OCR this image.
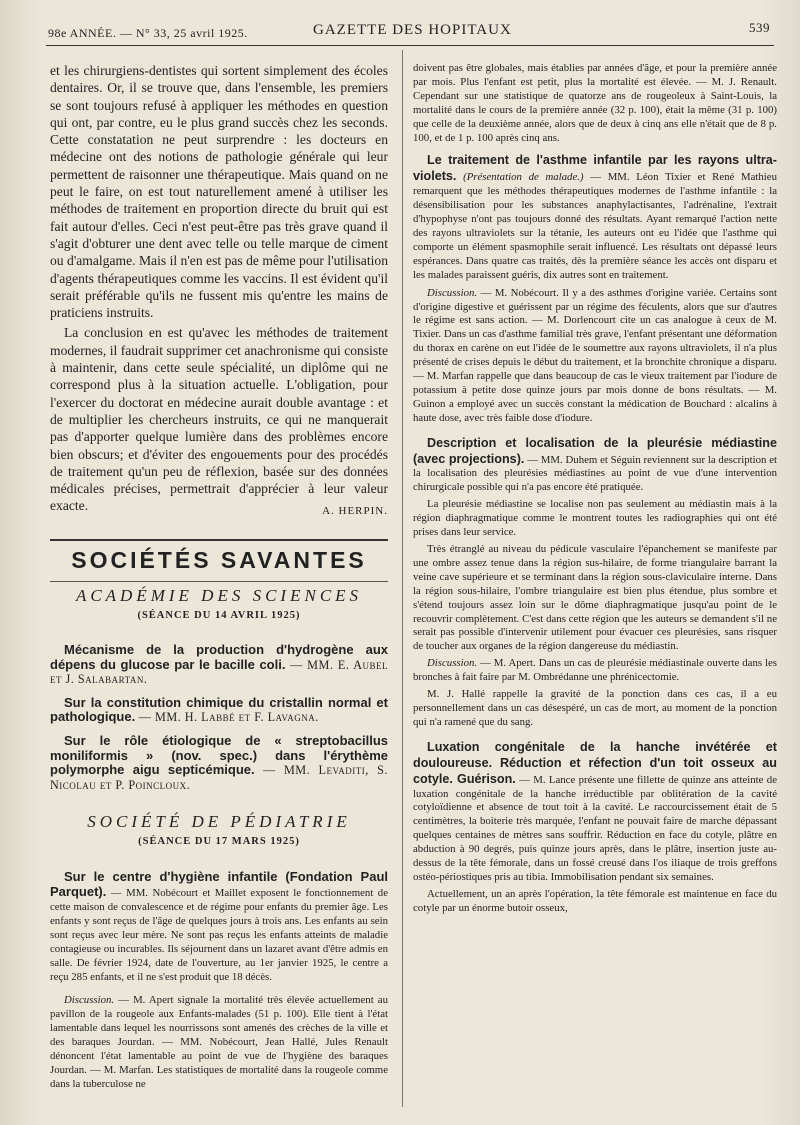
98e ANNÉE. — N° 33, 25 avril 1925.	GAZETTE DES HOPITAUX	539

et les chirurgiens-dentistes qui sortent simplement des écoles dentaires. Or, il se trouve que, dans l'ensemble, les premiers se sont toujours refusé à appliquer les méthodes en question qui ont, par contre, eu le plus grand succès chez les seconds. Cette constatation ne peut surprendre : les docteurs en médecine ont des notions de pathologie générale qui leur permettent de raisonner une thérapeutique. Mais quand on ne peut le faire, on est tout naturellement amené à utiliser les méthodes de traitement en proportion directe du bruit qui est fait autour d'elles. Ceci n'est peut-être pas très grave quand il s'agit d'obturer une dent avec telle ou telle marque de ciment ou d'amalgame. Mais il n'en est pas de même pour l'utilisation d'agents thérapeutiques comme les vaccins. Il est évident qu'il serait préférable qu'ils ne fussent mis qu'entre les mains de praticiens instruits.

La conclusion en est qu'avec les méthodes de traitement modernes, il faudrait supprimer cet anachronisme qui consiste à maintenir, dans cette seule spécialité, un diplôme qui ne correspond plus à la situation actuelle. L'obligation, pour l'exercer du doctorat en médecine aurait double avantage : et de multiplier les chercheurs instruits, ce qui ne manquerait pas d'apporter quelque lumière dans des problèmes encore bien obscurs; et d'éviter des engouements pour des procédés de traitement qu'un peu de réflexion, basée sur des données médicales précises, permettrait d'apprécier à leur valeur exacte.	A. HERPIN.
SOCIÉTÉS SAVANTES
ACADÉMIE DES SCIENCES
(SÉANCE DU 14 AVRIL 1925)

Mécanisme de la production d'hydrogène aux dépens du glucose par le bacille coli. — MM. E. Aubel et J. Salabartan.

Sur la constitution chimique du cristallin normal et pathologique. — MM. H. Labbé et F. Lavagna.

Sur le rôle étiologique de « streptobacillus moniliformis » (nov. spec.) dans l'érythème polymorphe aigu septicémique. — MM. Levaditi, S. Nicolau et P. Poincloux.

SOCIÉTÉ DE PÉDIATRIE
(SÉANCE DU 17 MARS 1925)

Sur le centre d'hygiène infantile (Fondation Paul Parquet). — MM. Nobécourt et Maillet exposent le fonctionnement de cette maison de convalescence et de régime pour enfants du premier âge. Les enfants y sont reçus de l'âge de quelques jours à trois ans. Les enfants au sein sont reçus avec leur mère. Ne sont pas reçus les enfants atteints de maladie contagieuse ou incurables. Ils séjournent dans un lazaret avant d'être admis en salle. De février 1924, date de l'ouverture, au 1er janvier 1925, le centre a reçu 285 enfants, et il ne s'est produit que 18 décès.

Discussion. — M. Apert signale la mortalité très élevée actuellement au pavillon de la rougeole aux Enfants-malades (51 p. 100). Elle tient à l'état lamentable dans lequel les nourrissons sont amenés des crèches de la ville et des baraques Jourdan. — MM. Nobécourt, Jean Hallé, Jules Renault dénoncent l'état lamentable au point de vue de l'hygiène des baraques Jourdan. — M. Marfan. Les statistiques de mortalité dans la rougeole comme dans la tuberculose ne

doivent pas être globales, mais établies par années d'âge, et pour la première année par mois. Plus l'enfant est petit, plus la mortalité est élevée. — M. J. Renault. Cependant sur une statistique de quatorze ans de rougeoleux à Saint-Louis, la mortalité dans le cours de la première année (32 p. 100), était la même (31 p. 100) que celle de la deuxième année, alors que de deux à cinq ans elle n'était que de 8 p. 100, et de 1 p. 100 après cinq ans.

Le traitement de l'asthme infantile par les rayons ultra-violets. (Présentation de malade.) — MM. Léon Tixier et René Mathieu remarquent que les méthodes thérapeutiques modernes de l'asthme infantile : la désensibilisation pour les substances anaphylactisantes, l'adrénaline, l'extrait d'hypophyse n'ont pas toujours donné des résultats. Ayant remarqué l'action nette des rayons ultraviolets sur la tétanie, les auteurs ont eu l'idée que l'asthme qui comporte un élément spasmophile serait influencé. Les résultats ont dépassé leurs espérances. Dans quatre cas traités, dès la première séance les accès ont disparu et les malades paraissent guéris, dix autres sont en traitement.

Discussion. — M. Nobécourt. Il y a des asthmes d'origine variée. Certains sont d'origine digestive et guérissent par un régime des féculents, alors que sur d'autres le régime est sans action. — M. Dorlencourt cite un cas analogue à ceux de M. Tixier. Dans un cas d'asthme familial très grave, l'enfant présentant une déformation du thorax en carène on eut l'idée de le soumettre aux rayons ultraviolets, il n'a plus présenté de crises depuis le début du traitement, et la bronchite chronique a disparu. — M. Marfan rappelle que dans beaucoup de cas le vieux traitement par l'iodure de potassium à petite dose quinze jours par mois donne de bons résultats. — M. Guinon a employé avec un succès constant la médication de Bouchard : alcalins à haute dose, avec très faible dose d'iodure.

Description et localisation de la pleurésie médiastine (avec projections). — MM. Duhem et Séguin reviennent sur la description et la localisation des pleurésies médiastines au point de vue d'une intervention chirurgicale possible qui n'a pas encore été pratiquée.

La pleurésie médiastine se localise non pas seulement au médiastin mais à la région diaphragmatique comme le montrent toutes les radiographies qui ont été prises dans leur service.

Très étranglé au niveau du pédicule vasculaire l'épanchement se manifeste par une ombre assez tenue dans la région sus-hilaire, de forme triangulaire barrant la veine cave supérieure et se terminant dans la région sous-claviculaire interne. Dans la région sous-hilaire, l'ombre triangulaire est bien plus étendue, plus sombre et s'étend toujours assez loin sur le dôme diaphragmatique jusqu'au point de le recouvrir complètement. C'est dans cette région que les auteurs se demandent s'il ne serait pas possible d'intervenir utilement pour évacuer ces pleurésies, sans risquer de toucher aux organes de la région dangereuse du médiastin.

Discussion. — M. Apert. Dans un cas de pleurésie médiastinale ouverte dans les bronches à fait faire par M. Ombrédanne une phrénicectomie.

M. J. Hallé rappelle la gravité de la ponction dans ces cas, il a eu personnellement dans un cas désespéré, un cas de mort, au moment de la ponction qui n'a ramené que du sang.

Luxation congénitale de la hanche invétérée et douloureuse. Réduction et réfection d'un toit osseux au cotyle. Guérison. — M. Lance présente une fillette de quinze ans atteinte de luxation congénitale de la hanche irréductible par oblitération de la cavité cotyloïdienne et absence de tout toit à la cavité. Le raccourcissement était de 5 centimètres, la boiterie très marquée, l'enfant ne pouvait faire de marche dépassant quelques centaines de mètres sans souffrir. Réduction en face du cotyle, plâtre en abduction à 90 degrés, puis quinze jours après, dans le plâtre, insertion juste au-dessus de la tête fémorale, dans un fossé creusé dans l'os iliaque de trois greffons ostéo-périostiques pris au tibia. Immobilisation pendant six semaines.

Actuellement, un an après l'opération, la tête fémorale est maintenue en face du cotyle par un énorme butoir osseux,
